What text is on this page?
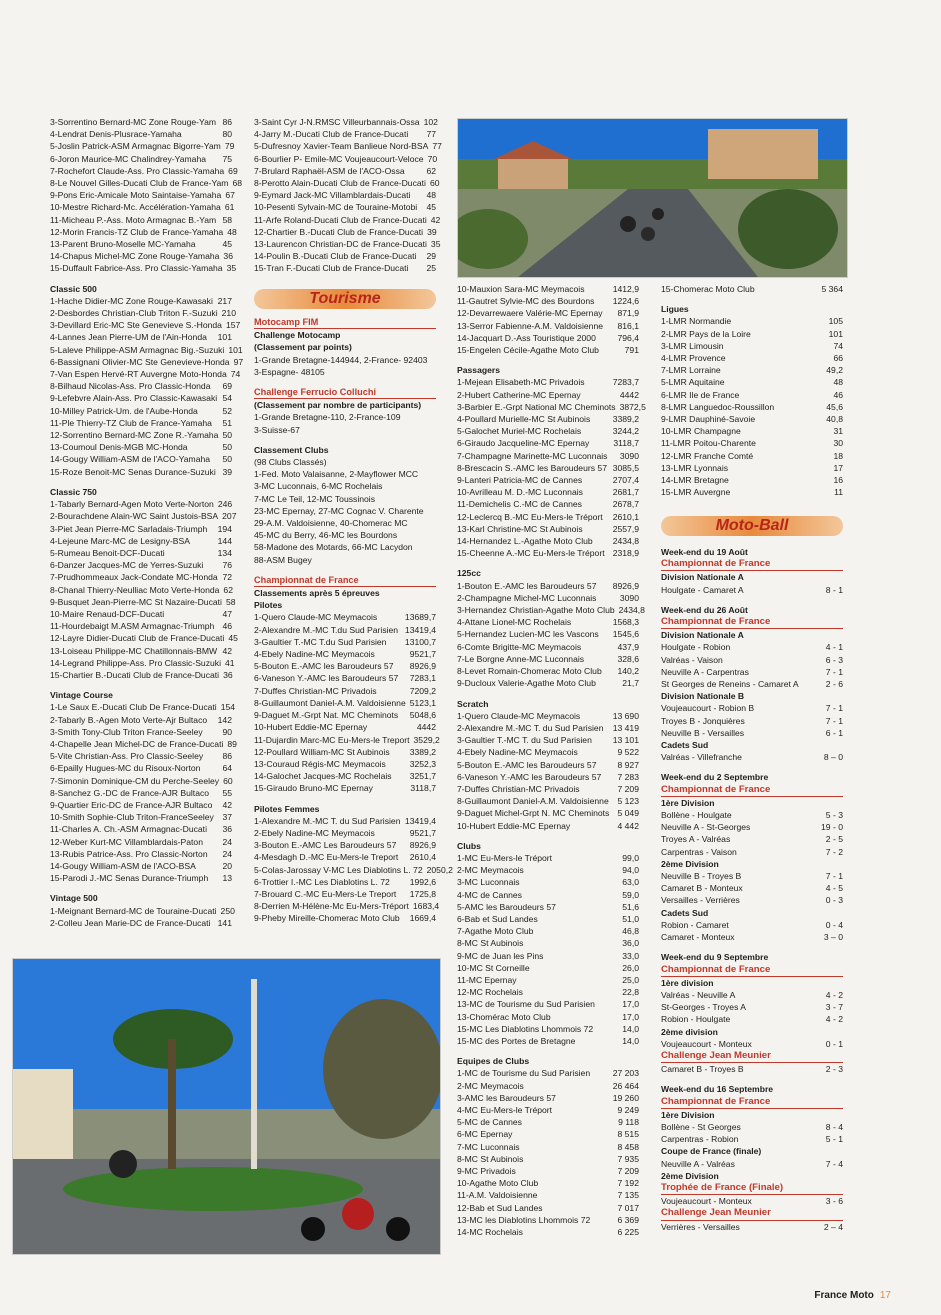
3-Sorrentino Bernard-MC Zone Rouge-Yam 86
4-Lendrat Denis-Plusrace-Yamaha	80
5-Joslin Patrick-ASM Armagnac Bigorre-Yam 79
6-Joron Maurice-MC Chalindrey-Yamaha	75
7-Rochefort Claude-Ass. Pro Classic-Yamaha 69
8-Le Nouvel Gilles-Ducati Club de France-Yam 68
9-Pons Eric-Amicale Moto Saintaise-Yamaha 67
10-Mestre Richard-Mc. Accélération-Yamaha 61
11-Micheau P.-Ass. Moto Armagnac B.-Yam 58
12-Morin Francis-TZ Club de France-Yamaha 48
13-Parent Bruno-Moselle MC-Yamaha	45
14-Chapus Michel-MC Zone Rouge-Yamaha 36
15-Duffault Fabrice-Ass. Pro Classic-Yamaha 35
Classic 500
1-Hache Didier-MC Zone Rouge-Kawasaki 217
2-Desbordes Christian-Club Triton F.-Suzuki 210
3-Devillard Eric-MC Ste Genevieve S.-Honda 157
4-Lannes Jean Pierre-UM de l'Ain-Honda	101
5-Laleve Philippe-ASM Armagnac Big.-Suzuki 101
6-Bassignani Olivier-MC Ste Genevieve-Honda 97
7-Van Espen Hervé-RT Auvergne Moto-Honda 74
8-Bilhaud Nicolas-Ass. Pro Classic-Honda	69
9-Lefebvre Alain-Ass. Pro Classic-Kawasaki 54
10-Milley Patrick-Um. de l'Aube-Honda	52
11-Ple Thierry-TZ Club de France-Yamaha	51
12-Sorrentino Bernard-MC Zone R.-Yamaha 50
13-Coumoul Denis-MGB MC-Honda	50
14-Gougy William-ASM de l'ACO-Yamaha	50
15-Roze Benoit-MC Senas Durance-Suzuki 39
Classic 750
1-Tabarly Bernard-Agen Moto Verte-Norton 246
2-Bourachdene Alain-WC Saint Justois-BSA 207
3-Piet Jean Pierre-MC Sarladais-Triumph	194
4-Lejeune Marc-MC de Lesigny-BSA	144
5-Rumeau Benoit-DCF-Ducati	134
6-Danzer Jacques-MC de Yerres-Suzuki	76
7-Prudhommeaux Jack-Condate MC-Honda 72
8-Chanal Thierry-Neulliac Moto Verte-Honda 62
9-Busquet Jean-Pierre-MC St Nazaire-Ducati 58
10-Maire Renaud-DCF-Ducati	47
11-Hourdebaigt M.ASM Armagnac-Triumph 46
12-Layre Didier-Ducati Club de France-Ducati 45
13-Loiseau Philippe-MC Chatillonnais-BMW 42
14-Legrand Philippe-Ass. Pro Classic-Suzuki 41
15-Chartier B.-Ducati Club de France-Ducati 36
Vintage Course
1-Le Saux E.-Ducati Club De France-Ducati 154
2-Tabarly B.-Agen Moto Verte-Ajr Bultaco	142
3-Smith Tony-Club Triton France-Seeley	90
4-Chapelle Jean Michel-DC de France-Ducati 89
5-Vite Christian-Ass. Pro Classic-Seeley	86
6-Epailly Hugues-MC du Risoux-Norton	64
7-Simonin Dominique-CM du Perche-Seeley 60
8-Sanchez G.-DC de France-AJR Bultaco	55
9-Quartier Eric-DC de France-AJR Bultaco	42
10-Smith Sophie-Club Triton-FranceSeeley 37
11-Charles A. Ch.-ASM Armagnac-Ducati	36
12-Weber Kurt-MC Villamblardais-Paton	24
13-Rubis Patrice-Ass. Pro Classic-Norton	24
14-Gougy William-ASM de l'ACO-BSA	20
15-Parodi J.-MC Senas Durance-Triumph	13
Vintage 500
1-Meignant Bernard-MC de Touraine-Ducati 250
2-Colleu Jean Marie-DC de France-Ducati 141
3-Saint Cyr J-N.RMSC Villeurbannais-Ossa 102
4-Jarry M.-Ducati Club de France-Ducati	77
5-Dufresnoy Xavier-Team Banlieue Nord-BSA 77
6-Bourlier P- Emile-MC Voujeaucourt-Veloce 70
7-Brulard Raphaël-ASM de l'ACO-Ossa	62
8-Perotto Alain-Ducati Club de France-Ducati 60
9-Eymard Jack-MC Villamblardais-Ducati	48
10-Pesenti Sylvain-MC de Touraine-Motobi	45
11-Arfe Roland-Ducati Club de France-Ducati 42
12-Chartier B.-Ducati Club de France-Ducati 39
13-Laurencon Christian-DC de France-Ducati 35
14-Poulin B.-Ducati Club de France-Ducati	29
15-Tran F.-Ducati Club de France-Ducati	25
Tourisme
Motocamp FIM
Challenge Motocamp
(Classement par points)
1-Grande Bretagne-144944, 2-France- 92403
3-Espagne- 48105
Challenge Ferrucio Colluchi
(Classement par nombre de participants)
1-Grande Bretagne-110, 2-France-109
3-Suisse-67
Classement Clubs
(98 Clubs Classés)
1-Fed. Moto Valaisanne, 2-Mayflower MCC
3-MC Luconnais, 6-MC Rochelais
7-MC Le Teil, 12-MC Toussinois
23-MC Epernay, 27-MC Cognac V. Charente
29-A.M. Valdoisienne, 40-Chomerac MC
45-MC du Berry, 46-MC les Bourdons
58-Madone des Motards, 66-MC Lacydon
88-ASM Bugey
Championnat de France
Classements après 5 épreuves
Pilotes
1-Quero Claude-MC Meymacois	13689,7
2-Alexandre M.-MC T.du Sud Parisien 13419,4
3-Gaultier T.-MC T.du Sud Parisien	13100,7
4-Ebely Nadine-MC Meymacois	9521,7
5-Bouton E.-AMC les Baroudeurs 57	8926,9
6-Vaneson Y.-AMC les Baroudeurs 57	7283,1
7-Duffes Christian-MC Privadois	7209,2
8-Guillaumont Daniel-A.M. Valdoisienne 5123,1
9-Daguet M.-Grpt Nat. MC Cheminots	5048,6
10-Hubert Eddie-MC Epernay	4442
11-Dujardin Marc-MC Eu-Mers-le Treport 3529,2
12-Poullard William-MC St Aubinois	3389,2
13-Couraud Régis-MC Meymacois	3252,3
14-Galochet Jacques-MC Rochelais	3251,7
15-Giraudo Bruno-MC Epernay	3118,7
Pilotes Femmes
1-Alexandre M.-MC T. du Sud Parisien 13419,4
2-Ebely Nadine-MC Meymacois	9521,7
3-Bouton E.-AMC Les Baroudeurs 57	8926,9
4-Mesdagh D.-MC Eu-Mers-le Treport	2610,4
5-Colas-Jarossay V-MC Les Diablotins L. 72 2050,2
6-Trottier I.-MC Les Diablotins L. 72	1992,6
7-Brouard C.-MC Eu-Mers-Le Treport	1725,8
8-Derrien M-Hélène-Mc Eu-Mers-Tréport 1683,4
9-Pheby Mireille-Chomerac Moto Club	1669,4
10-Mauxion Sara-MC Meymacois	1412,9
11-Gautret Sylvie-MC des Bourdons	1224,6
12-Devarrewaere Valérie-MC Epernay	871,9
13-Serror Fabienne-A.M. Valdoisienne	816,1
14-Jacquart D.-Ass Touristique 2000	796,4
15-Engelen Cécile-Agathe Moto Club	791
Passagers
1-Mejean Elisabeth-MC Privadois	7283,7
2-Hubert Catherine-MC Epernay	4442
3-Barbier E.-Grpt National MC Cheminots 3872,5
4-Poullard Murielle-MC St Aubinois	3389,2
5-Galochet Muriel-MC Rochelais	3244,2
6-Giraudo Jacqueline-MC Epernay	3118,7
7-Champagne Marinette-MC Luconnais	3090
8-Brescacin S.-AMC les Baroudeurs 57 3085,5
9-Lanteri Patricia-MC de Cannes	2707,4
10-Avrilleau M. D.-MC Luconnais	2681,7
11-Demichelis C.-MC de Cannes	2678,7
12-Leclercq B.-MC Eu-Mers-le Tréport	2610,1
13-Karl Christine-MC St Aubinois	2557,9
14-Hernandez L.-Agathe Moto Club	2434,8
15-Cheenne A.-MC Eu-Mers-le Tréport 2318,9
125cc
1-Bouton E.-AMC les Baroudeurs 57	8926,9
2-Champagne Michel-MC Luconnais	3090
3-Hernandez Christian-Agathe Moto Club 2434,8
4-Attane Lionel-MC Rochelais	1568,3
5-Hernandez Lucien-MC les Vascons	1545,6
6-Comte Brigitte-MC Meymacois	437,9
7-Le Borgne Anne-MC Luconnais	328,6
8-Levet Romain-Chomerac Moto Club	140,2
9-Ducloux Valerie-Agathe Moto Club	21,7
Scratch
1-Quero Claude-MC Meymacois	13 690
2-Alexandre M.-MC T. du Sud Parisien	13 419
3-Gaultier T.-MC T. du Sud Parisien	13 101
4-Ebely Nadine-MC Meymacois	9 522
5-Bouton E.-AMC les Baroudeurs 57	8 927
6-Vaneson Y.-AMC les Baroudeurs 57	7 283
7-Duffes Christian-MC Privadois	7 209
8-Guillaumont Daniel-A.M. Valdoisienne	5 123
9-Daguet Michel-Grpt N. MC Cheminots 5 049
10-Hubert Eddie-MC Epernay	4 442
Clubs
1-MC Eu-Mers-le Tréport	99,0
2-MC Meymacois	94,0
3-MC Luconnais	63,0
4-MC de Cannes	59,0
5-AMC les Baroudeurs 57	51,6
6-Bab et Sud Landes	51,0
7-Agathe Moto Club	46,8
8-MC St Aubinois	36,0
9-MC de Juan les Pins	33,0
10-MC St Corneille	26,0
11-MC Epernay	25,0
12-MC Rochelais	22,8
13-MC de Tourisme du Sud Parisien	17,0
13-Chomérac Moto Club	17,0
15-MC Les Diablotins Lhommois 72	14,0
15-MC des Portes de Bretagne	14,0
Equipes de Clubs
1-MC de Tourisme du Sud Parisien	27 203
2-MC Meymacois	26 464
3-AMC les Baroudeurs 57	19 260
4-MC Eu-Mers-le Tréport	9 249
5-MC de Cannes	9 118
6-MC Epernay	8 515
7-MC Luconnais	8 458
8-MC St Aubinois	7 935
9-MC Privadois	7 209
10-Agathe Moto Club	7 192
11-A.M. Valdoisienne	7 135
12-Bab et Sud Landes	7 017
13-MC les Diablotins Lhommois 72	6 369
14-MC Rochelais	6 225
15-Chomerac Moto Club	5 364
Ligues
1-LMR Normandie	105
2-LMR Pays de la Loire	101
3-LMR Limousin	74
4-LMR Provence	66
7-LMR Lorraine	49,2
5-LMR Aquitaine	48
6-LMR Ile de France	46
8-LMR Languedoc-Roussillon	45,6
9-LMR Dauphiné-Savoie	40,8
10-LMR Champagne	31
11-LMR Poitou-Charente	30
12-LMR Franche Comté	18
13-LMR Lyonnais	17
14-LMR Bretagne	16
15-LMR Auvergne	11
Moto-Ball
Week-end du 19 Août
Championnat de France
Division Nationale A
Houlgate - Camaret A	8 - 1
Week-end du 26 Août
Championnat de France
Division Nationale A
Houlgate - Robion	4 - 1
Valréas - Vaison	6 - 3
Neuville A - Carpentras	7 - 1
St Georges de Reneins - Camaret A	2 - 6
Division Nationale B
Voujeaucourt - Robion B	7 - 1
Troyes B - Jonquières	7 - 1
Neuville B - Versailles	6 - 1
Cadets Sud
Valréas - Villefranche	8 – 0
Week-end du 2 Septembre
Championnat de France
1ère Division
Bollène - Houlgate	5 - 3
Neuville A - St-Georges	19 - 0
Troyes A - Valréas	2 - 5
Carpentras - Vaison	7 - 2
2ème Division
Neuville B - Troyes B	7 - 1
Camaret B - Monteux	4 - 5
Versailles - Verrières	0 - 3
Cadets Sud
Robion - Camaret	0 - 4
Camaret - Monteux	3 – 0
Week-end du 9 Septembre
Championnat de France
1ère division
Valréas - Neuville A	4 - 2
St-Georges - Troyes A	3 - 7
Robion - Houlgate	4 - 2
2ème division
Voujeaucourt - Monteux	0 - 1
Challenge Jean Meunier
Camaret B - Troyes B	2 - 3
Week-end du 16 Septembre
Championnat de France
1ère Division
Bollène - St Georges	8 - 4
Carpentras - Robion	5 - 1
Coupe de France (finale)
Neuville A - Valréas	7 - 4
2ème Division
Trophée de France (Finale)
Voujeaucourt - Monteux	3 - 6
Challenge Jean Meunier
Verrières - Versailles	2 – 4
France Moto 17
